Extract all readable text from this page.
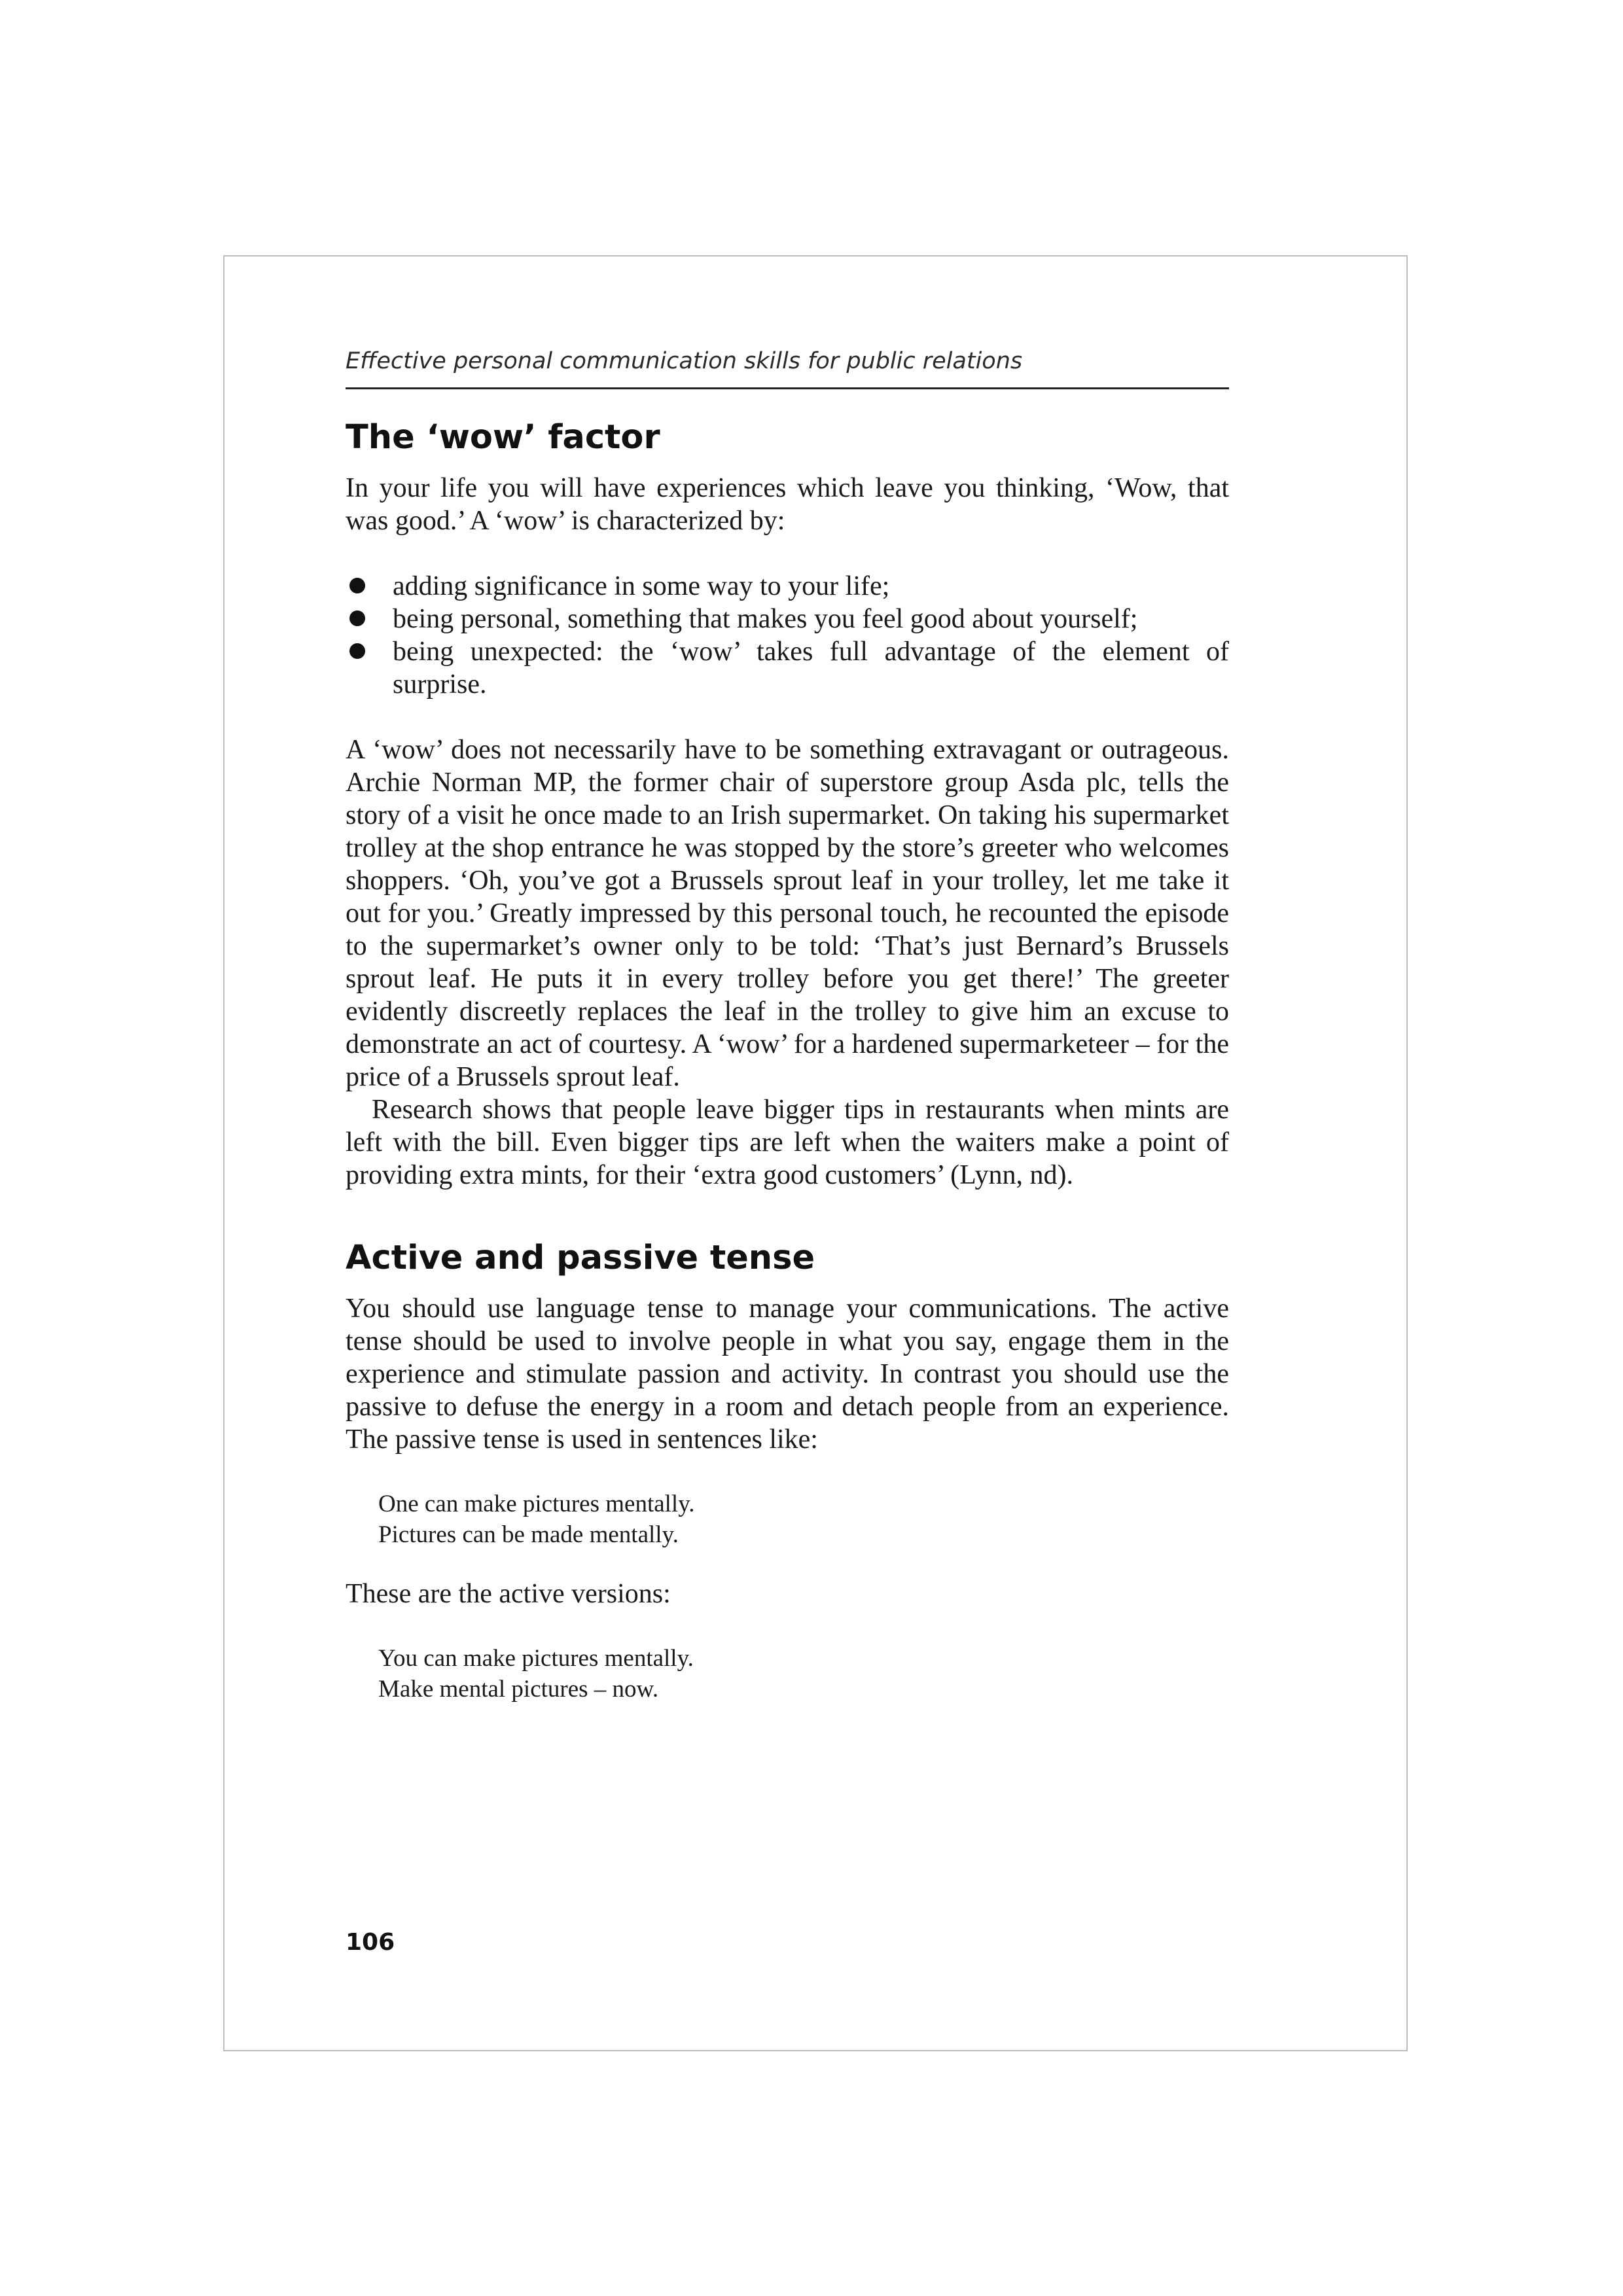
Effective personal communication skills for public relations
The ‘wow’ factor

In your life you will have experiences which leave you thinking, ‘Wow, that was good.’ A ‘wow’ is characterized by:

adding significance in some way to your life;
being personal, something that makes you feel good about yourself;
being unexpected: the ‘wow’ takes full advantage of the element of surprise.

A ‘wow’ does not necessarily have to be something extravagant or outrageous. Archie Norman MP, the former chair of superstore group Asda plc, tells the story of a visit he once made to an Irish supermarket. On taking his supermarket trolley at the shop entrance he was stopped by the store’s greeter who welcomes shoppers. ‘Oh, you’ve got a Brussels sprout leaf in your trolley, let me take it out for you.’ Greatly impressed by this personal touch, he recounted the episode to the supermarket’s owner only to be told: ‘That’s just Bernard’s Brussels sprout leaf. He puts it in every trolley before you get there!’ The greeter evidently discreetly replaces the leaf in the trolley to give him an excuse to demonstrate an act of courtesy. A ‘wow’ for a hardened supermarketeer – for the price of a Brussels sprout leaf.

Research shows that people leave bigger tips in restaurants when mints are left with the bill. Even bigger tips are left when the waiters make a point of providing extra mints, for their ‘extra good customers’ (Lynn, nd).

Active and passive tense

You should use language tense to manage your communications. The active tense should be used to involve people in what you say, engage them in the experience and stimulate passion and activity. In contrast you should use the passive to defuse the energy in a room and detach people from an experience. The passive tense is used in sentences like:

One can make pictures mentally.
Pictures can be made mentally.

These are the active versions:

You can make pictures mentally.
Make mental pictures – now.
106
